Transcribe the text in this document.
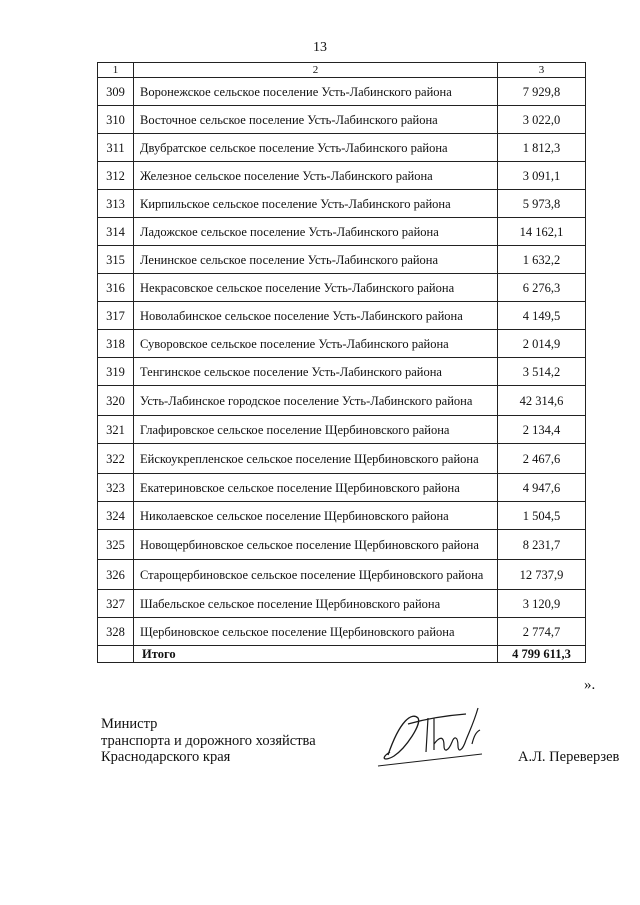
13
1	2	3
309	Воронежское сельское поселение Усть-Лабинского района	7 929,8
310	Восточное сельское поселение Усть-Лабинского района	3 022,0
311	Двубратское сельское поселение Усть-Лабинского района	1 812,3
312	Железное сельское поселение Усть-Лабинского района	3 091,1
313	Кирпильское сельское поселение Усть-Лабинского района	5 973,8
314	Ладожское сельское поселение Усть-Лабинского района	14 162,1
315	Ленинское сельское поселение Усть-Лабинского района	1 632,2
316	Некрасовское сельское поселение Усть-Лабинского района	6 276,3
317	Новолабинское сельское поселение Усть-Лабинского района	4 149,5
318	Суворовское сельское поселение Усть-Лабинского района	2 014,9
319	Тенгинское сельское поселение Усть-Лабинского района	3 514,2
320	Усть-Лабинское городское поселение Усть-Лабинского района	42 314,6
321	Глафировское сельское поселение Щербиновского района	2 134,4
322	Ейскоукрепленское сельское поселение Щербиновского района	2 467,6
323	Екатериновское сельское поселение Щербиновского района	4 947,6
324	Николаевское сельское поселение Щербиновского района	1 504,5
325	Новощербиновское сельское поселение Щербиновского района	8 231,7
326	Старощербиновское сельское поселение Щербиновского района	12 737,9
327	Шабельское сельское поселение Щербиновского района	3 120,9
328	Щербиновское сельское поселение Щербиновского района	2 774,7
	Итого	4 799 611,3
».
Министр
транспорта и дорожного хозяйства
Краснодарского края	А.Л. Переверзев
